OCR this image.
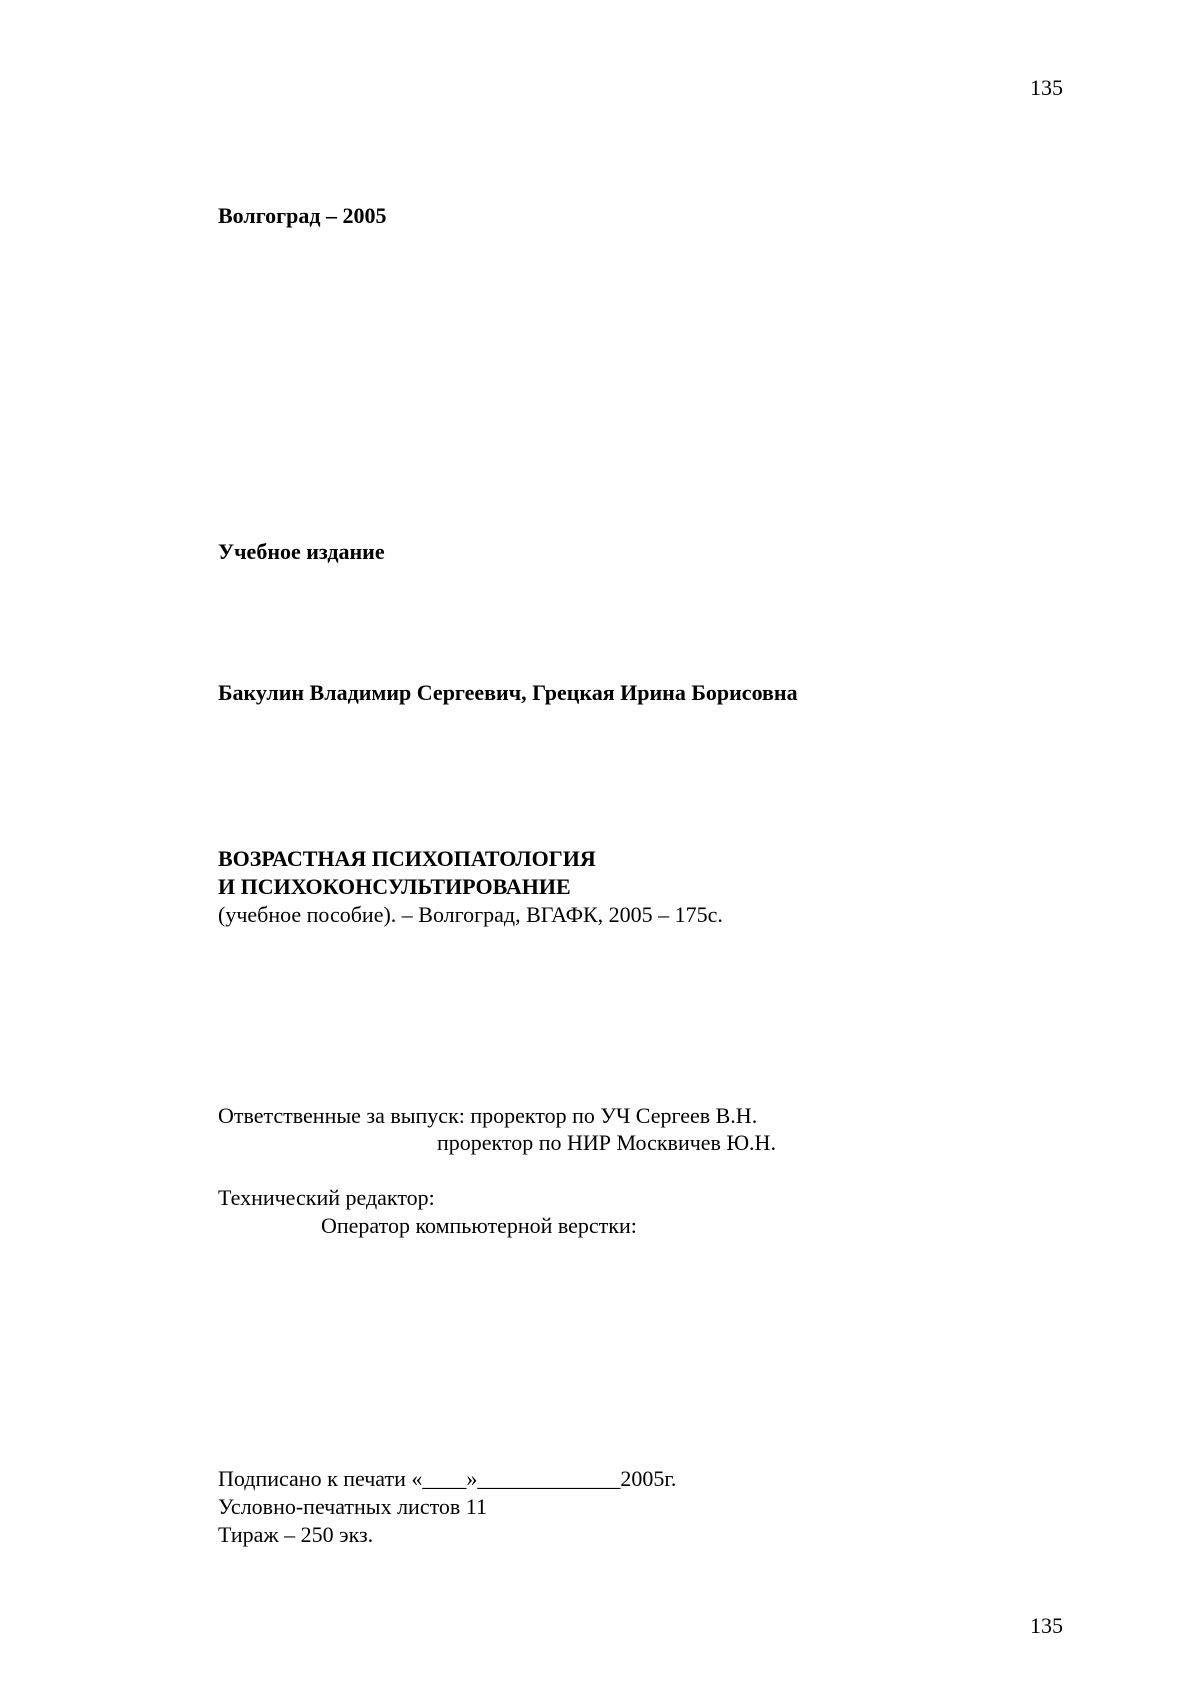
135
Волгоград – 2005
Учебное издание
Бакулин Владимир Сергеевич, Грецкая Ирина Борисовна
ВОЗРАСТНАЯ ПСИХОПАТОЛОГИЯ
И ПСИХОКОНСУЛЬТИРОВАНИЕ
(учебное пособие). – Волгоград, ВГАФК, 2005 – 175с.
Ответственные за выпуск: проректор по УЧ Сергеев В.Н.
проректор по НИР Москвичев Ю.Н.
Технический редактор:
Оператор компьютерной верстки:
Подписано к печати «____»_____________2005г.
Условно-печатных листов 11
Тираж – 250 экз.
135
